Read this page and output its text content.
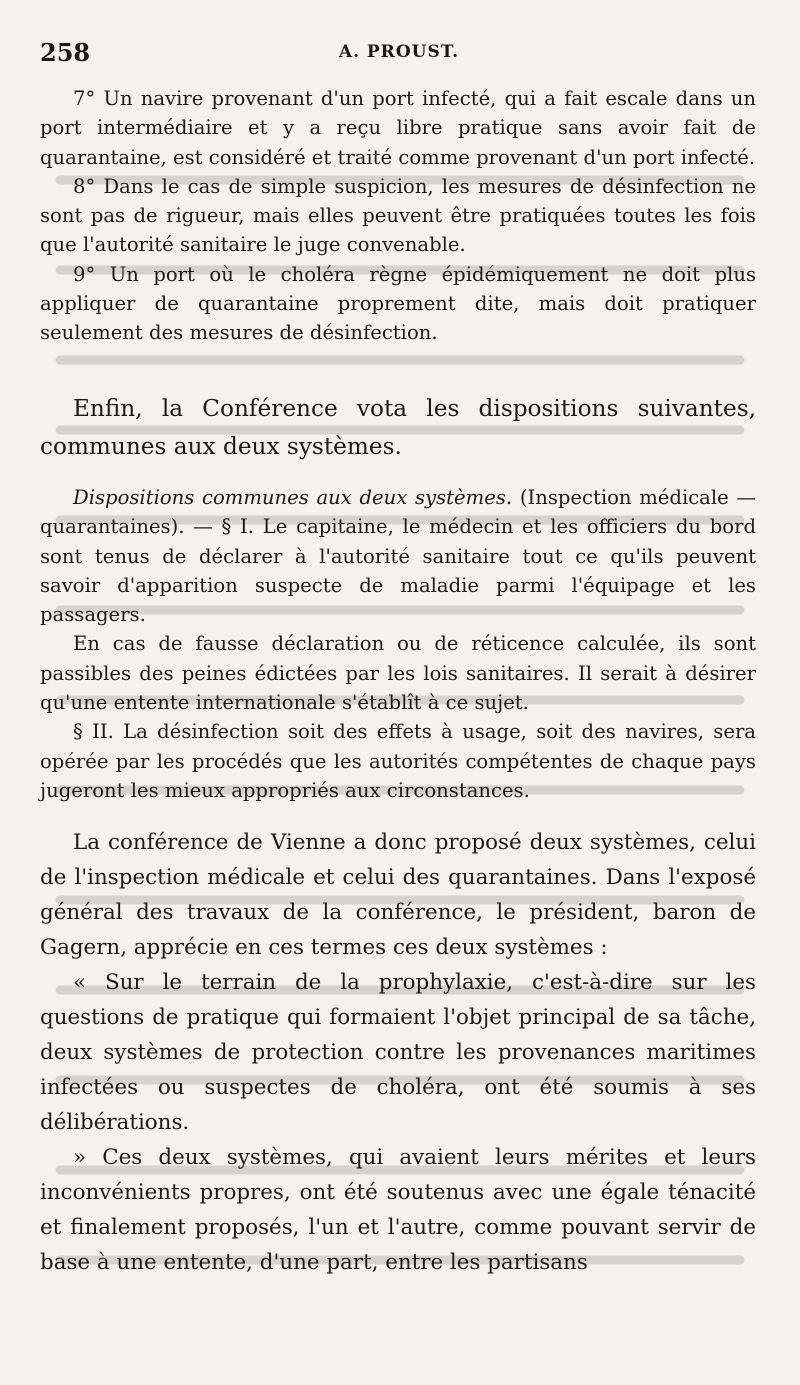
258	A. PROUST.

7° Un navire provenant d'un port infecté, qui a fait escale dans un port intermédiaire et y a reçu libre pratique sans avoir fait de quarantaine, est considéré et traité comme provenant d'un port infecté.

8° Dans le cas de simple suspicion, les mesures de désinfection ne sont pas de rigueur, mais elles peuvent être pratiquées toutes les fois que l'autorité sanitaire le juge convenable.

9° Un port où le choléra règne épidémiquement ne doit plus appliquer de quarantaine proprement dite, mais doit pratiquer seulement des mesures de désinfection.

Enfin, la Conférence vota les dispositions suivantes, communes aux deux systèmes.

Dispositions communes aux deux systèmes. (Inspection médicale — quarantaines). — § I. Le capitaine, le médecin et les officiers du bord sont tenus de déclarer à l'autorité sanitaire tout ce qu'ils peuvent savoir d'apparition suspecte de maladie parmi l'équipage et les passagers.

En cas de fausse déclaration ou de réticence calculée, ils sont passibles des peines édictées par les lois sanitaires. Il serait à désirer qu'une entente internationale s'établît à ce sujet.

§ II. La désinfection soit des effets à usage, soit des navires, sera opérée par les procédés que les autorités compétentes de chaque pays jugeront les mieux appropriés aux circonstances.

La conférence de Vienne a donc proposé deux systèmes, celui de l'inspection médicale et celui des quarantaines. Dans l'exposé général des travaux de la conférence, le président, baron de Gagern, apprécie en ces termes ces deux systèmes :

« Sur le terrain de la prophylaxie, c'est-à-dire sur les questions de pratique qui formaient l'objet principal de sa tâche, deux systèmes de protection contre les provenances maritimes infectées ou suspectes de choléra, ont été soumis à ses délibérations.

» Ces deux systèmes, qui avaient leurs mérites et leurs inconvénients propres, ont été soutenus avec une égale ténacité et finalement proposés, l'un et l'autre, comme pouvant servir de base à une entente, d'une part, entre les partisans
